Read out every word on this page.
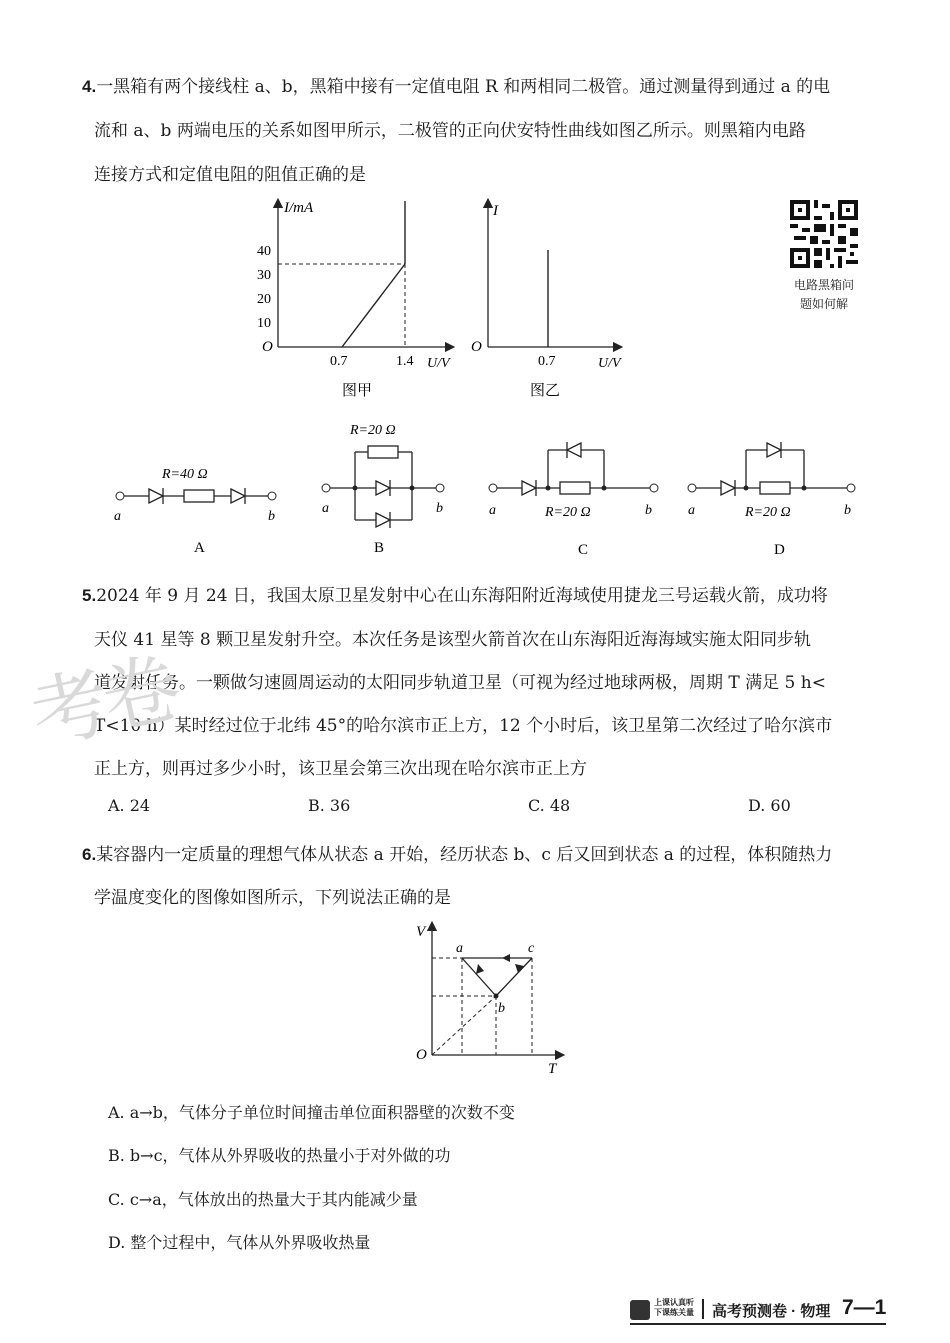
4.一黑箱有两个接线柱 a、b，黑箱中接有一定值电阻 R 和两相同二极管。通过测量得到通过 a 的电
流和 a、b 两端电压的关系如图甲所示，二极管的正向伏安特性曲线如图乙所示。则黑箱内电路
连接方式和定值电阻的阻值正确的是
I/mA
U/V
O
40
30
20
10
0.7	1.4
图甲
I
U/V
O
0.7
图乙
电路黑箱问
题如何解
R=40 Ω
a	b
A
R=20 Ω
a	b
B
R=20 Ω
a	b
C
R=20 Ω
a	b
D
5.2024 年 9 月 24 日，我国太原卫星发射中心在山东海阳附近海域使用捷龙三号运载火箭，成功将
天仪 41 星等 8 颗卫星发射升空。本次任务是该型火箭首次在山东海阳近海海域实施太阳同步轨
道发射任务。一颗做匀速圆周运动的太阳同步轨道卫星（可视为经过地球两极，周期 T 满足 5 h<
T<10 h）某时经过位于北纬 45°的哈尔滨市正上方，12 个小时后，该卫星第二次经过了哈尔滨市
正上方，则再过多少小时，该卫星会第三次出现在哈尔滨市正上方
A. 24	B. 36	C. 48	D. 60
考卷
6.某容器内一定质量的理想气体从状态 a 开始，经历状态 b、c 后又回到状态 a 的过程，体积随热力
学温度变化的图像如图所示，下列说法正确的是
V
T
O
a
b
c
A. a→b，气体分子单位时间撞击单位面积器壁的次数不变
B. b→c，气体从外界吸收的热量小于对外做的功
C. c→a，气体放出的热量大于其内能减少量
D. 整个过程中，气体从外界吸收热量
上课认真听
下课练关量 高考预测卷 · 物理 7—1
